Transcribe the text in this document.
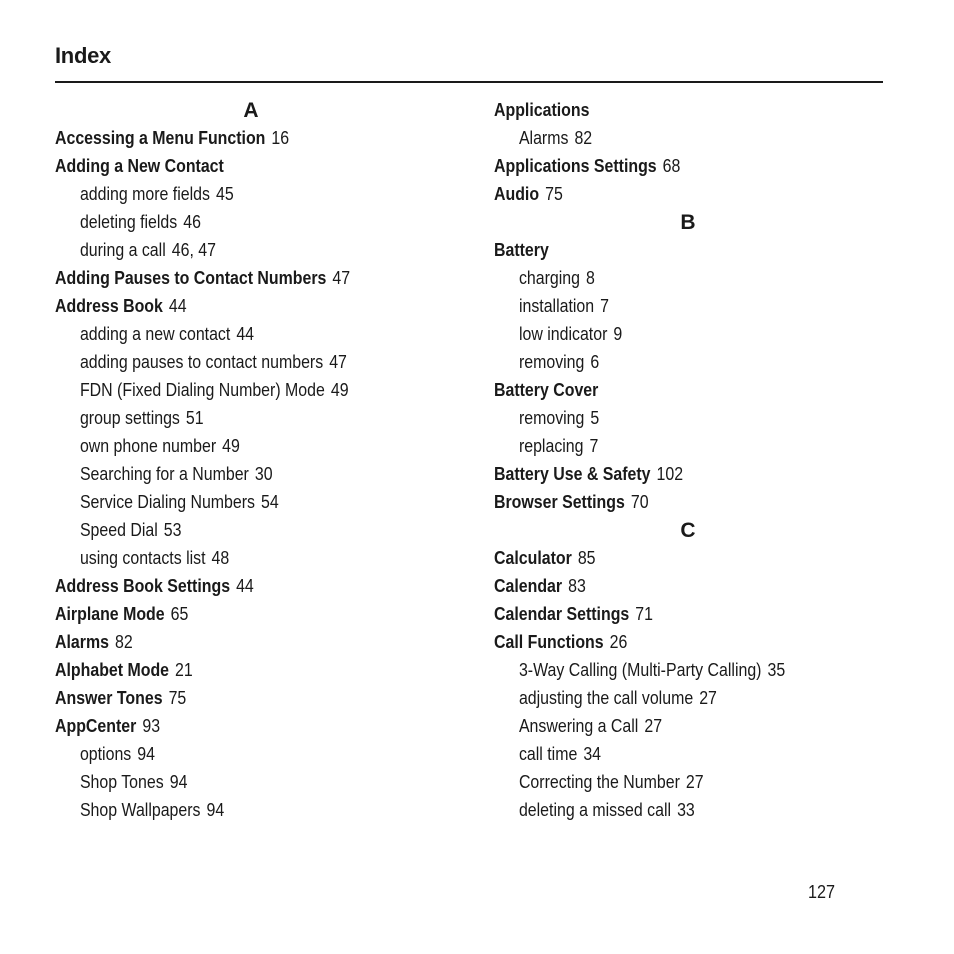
Index
A
Accessing a Menu Function 16
Adding a New Contact
adding more fields 45
deleting fields 46
during a call 46, 47
Adding Pauses to Contact Numbers 47
Address Book 44
adding a new contact 44
adding pauses to contact numbers 47
FDN (Fixed Dialing Number) Mode 49
group settings 51
own phone number 49
Searching for a Number 30
Service Dialing Numbers 54
Speed Dial 53
using contacts list 48
Address Book Settings 44
Airplane Mode 65
Alarms 82
Alphabet Mode 21
Answer Tones 75
AppCenter 93
options 94
Shop Tones 94
Shop Wallpapers 94
Applications
Alarms 82
Applications Settings 68
Audio 75
B
Battery
charging 8
installation 7
low indicator 9
removing 6
Battery Cover
removing 5
replacing 7
Battery Use & Safety 102
Browser Settings 70
C
Calculator 85
Calendar 83
Calendar Settings 71
Call Functions 26
3-Way Calling (Multi-Party Calling) 35
adjusting the call volume 27
Answering a Call 27
call time 34
Correcting the Number 27
deleting a missed call 33
127
